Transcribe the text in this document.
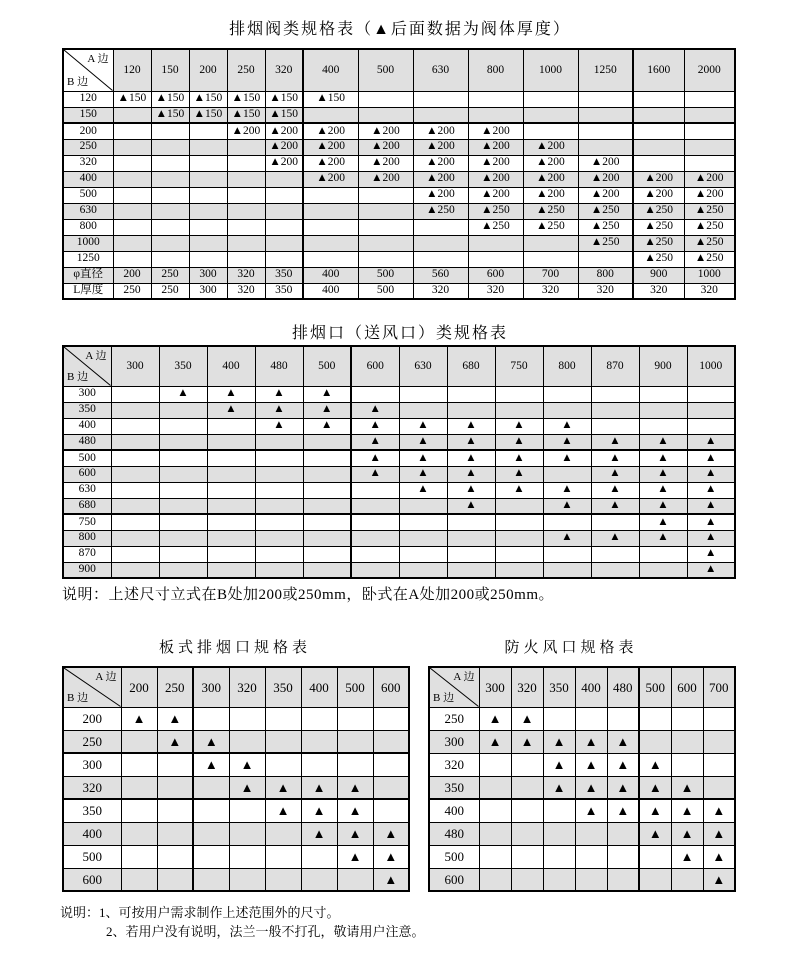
排烟阀类规格表（▲后面数据为阀体厚度）
A 边
B 边	120	150	200	250	320	400	500	630	800	1000	1250	1600	2000
120	▲150	▲150	▲150	▲150	▲150	▲150							
150		▲150	▲150	▲150	▲150								
200				▲200	▲200	▲200	▲200	▲200	▲200				
250					▲200	▲200	▲200	▲200	▲200	▲200			
320					▲200	▲200	▲200	▲200	▲200	▲200	▲200		
400						▲200	▲200	▲200	▲200	▲200	▲200	▲200	▲200
500								▲200	▲200	▲200	▲200	▲200	▲200
630								▲250	▲250	▲250	▲250	▲250	▲250
800									▲250	▲250	▲250	▲250	▲250
1000											▲250	▲250	▲250
1250												▲250	▲250
φ直径	200	250	300	320	350	400	500	560	600	700	800	900	1000
L厚度	250	250	300	320	350	400	500	320	320	320	320	320	320
排烟口（送风口）类规格表
A 边
B 边	300	350	400	480	500	600	630	680	750	800	870	900	1000
300		▲	▲	▲	▲								
350			▲	▲	▲	▲							
400				▲	▲	▲	▲	▲	▲	▲			
480						▲	▲	▲	▲	▲	▲	▲	▲
500						▲	▲	▲	▲	▲	▲	▲	▲
600						▲	▲	▲	▲		▲	▲	▲
630							▲	▲	▲	▲	▲	▲	▲
680								▲		▲	▲	▲	▲
750												▲	▲
800										▲	▲	▲	▲
870													▲
900													▲

说明：上述尺寸立式在B处加200或250mm，卧式在A处加200或250mm。

板式排烟口规格表
A 边
B 边	200	250	300	320	350	400	500	600
200	▲	▲						
250		▲	▲					
300			▲	▲				
320				▲	▲	▲	▲	
350					▲	▲	▲	
400						▲	▲	▲
500							▲	▲
600								▲
防火风口规格表
A 边
B 边	300	320	350	400	480	500	600	700
250	▲	▲						
300	▲	▲	▲	▲	▲			
320			▲	▲	▲	▲		
350			▲	▲	▲	▲	▲	
400				▲	▲	▲	▲	▲
480						▲	▲	▲
500							▲	▲
600								▲

说明：1、可按用户需求制作上述范围外的尺寸。

2、若用户没有说明，法兰一般不打孔，敬请用户注意。
